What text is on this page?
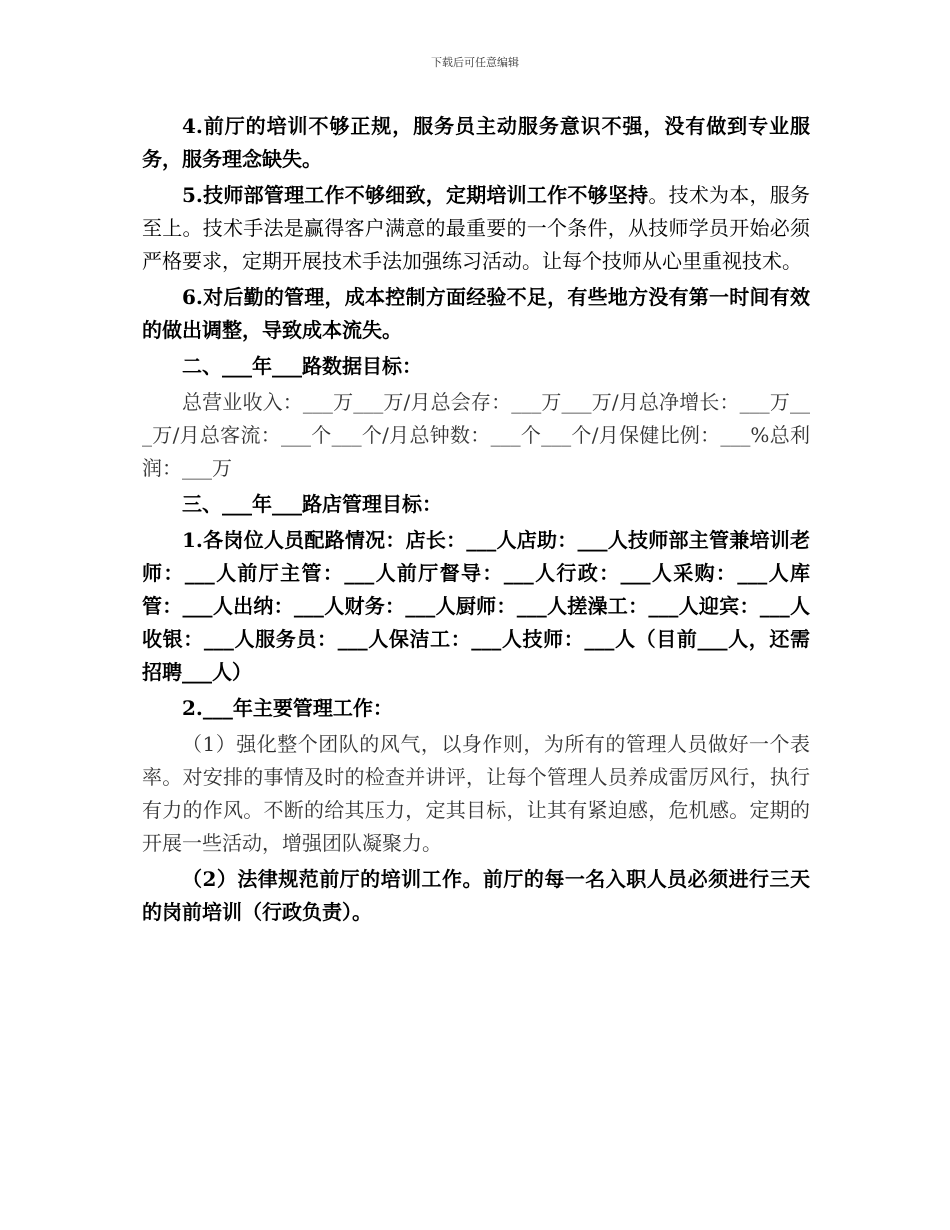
下载后可任意编辑

4.前厅的培训不够正规，服务员主动服务意识不强，没有做到专业服务，服务理念缺失。

5.技师部管理工作不够细致，定期培训工作不够坚持。技术为本，服务至上。技术手法是赢得客户满意的最重要的一个条件，从技师学员开始必须严格要求，定期开展技术手法加强练习活动。让每个技师从心里重视技术。

6.对后勤的管理，成本控制方面经验不足，有些地方没有第一时间有效的做出调整，导致成本流失。

二、___年___路数据目标：

总营业收入：___万___万/月总会存：___万___万/月总净增长：___万___万/月总客流：___个___个/月总钟数：___个___个/月保健比例：___%总利润：___万

三、___年___路店管理目标：

1.各岗位人员配路情况：店长：___人店助：___人技师部主管兼培训老师：___人前厅主管：___人前厅督导：___人行政：___人采购：___人库管：___人出纳：___人财务：___人厨师：___人搓澡工：___人迎宾：___人收银：___人服务员：___人保洁工：___人技师：___人（目前___人，还需招聘___人）

2.___年主要管理工作：

（1）强化整个团队的风气，以身作则，为所有的管理人员做好一个表率。对安排的事情及时的检查并讲评，让每个管理人员养成雷厉风行，执行有力的作风。不断的给其压力，定其目标，让其有紧迫感，危机感。定期的开展一些活动，增强团队凝聚力。

（2）法律规范前厅的培训工作。前厅的每一名入职人员必须进行三天的岗前培训（行政负责）。
